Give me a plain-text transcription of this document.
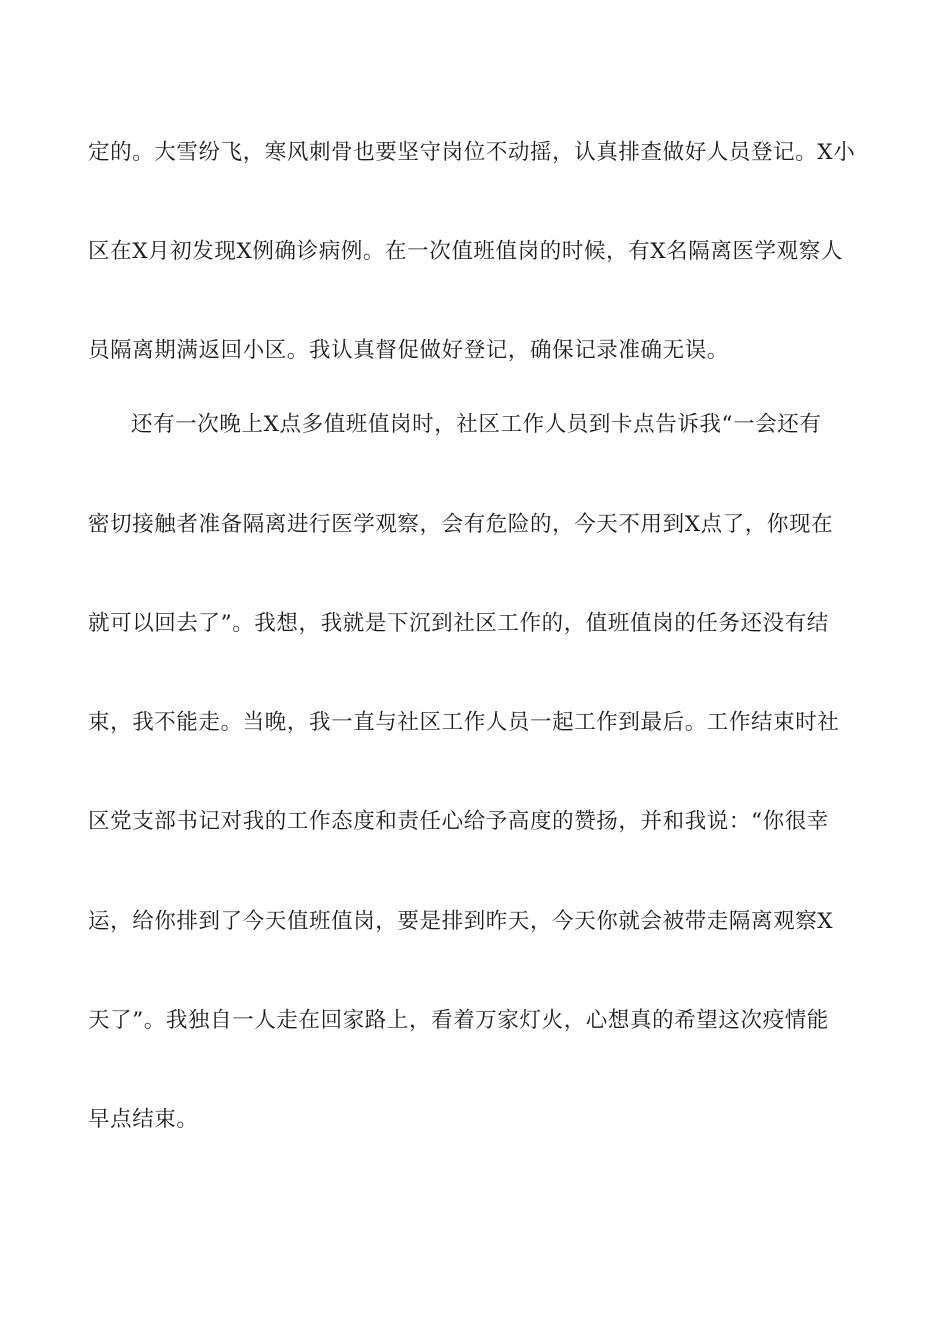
定的。大雪纷飞，寒风刺骨也要坚守岗位不动摇，认真排查做好人员登记。X小
区在X月初发现X例确诊病例。在一次值班值岗的时候，有X名隔离医学观察人
员隔离期满返回小区。我认真督促做好登记，确保记录准确无误。
还有一次晚上X点多值班值岗时，社区工作人员到卡点告诉我“一会还有
密切接触者准备隔离进行医学观察，会有危险的，今天不用到X点了，你现在
就可以回去了”。我想，我就是下沉到社区工作的，值班值岗的任务还没有结
束，我不能走。当晚，我一直与社区工作人员一起工作到最后。工作结束时社
区党支部书记对我的工作态度和责任心给予高度的赞扬，并和我说：“你很幸
运，给你排到了今天值班值岗，要是排到昨天，今天你就会被带走隔离观察X
天了”。我独自一人走在回家路上，看着万家灯火，心想真的希望这次疫情能
早点结束。
